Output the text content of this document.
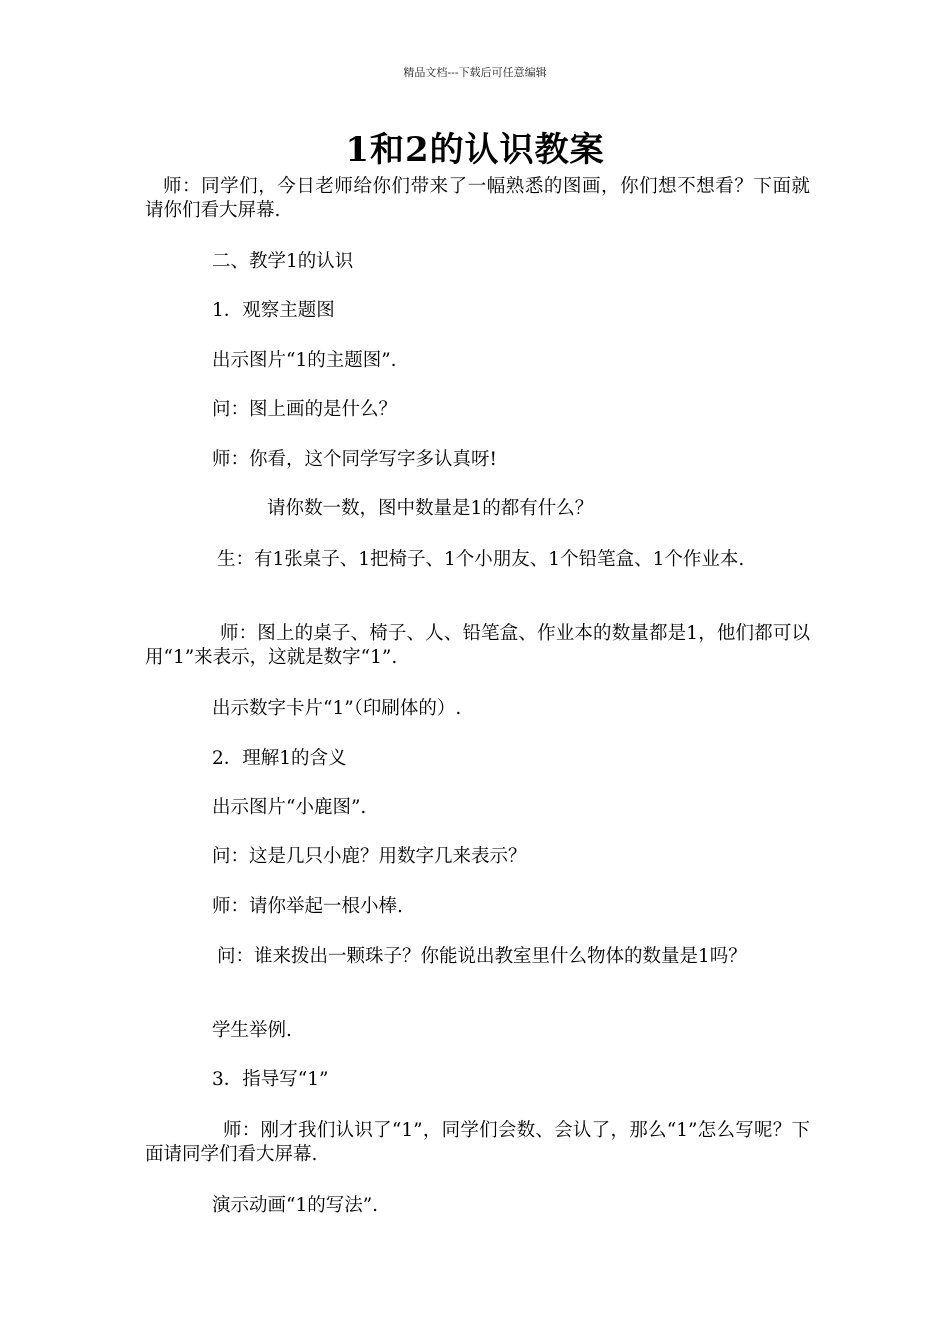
精品文档---下载后可任意编辑
1和2的认识教案

师：同学们，今日老师给你们带来了一幅熟悉的图画，你们想不想看？下面就请你们看大屏幕.

二、教学1的认识

1．观察主题图

出示图片“1的主题图”.

问：图上画的是什么？

师：你看，这个同学写字多认真呀!

请你数一数，图中数量是1的都有什么？

生：有1张桌子、1把椅子、1个小朋友、1个铅笔盒、1个作业本.

师：图上的桌子、椅子、人、铅笔盒、作业本的数量都是1，他们都可以用“1”来表示，这就是数字“1”.

出示数字卡片“1”（印刷体的）.

2．理解1的含义

出示图片“小鹿图”.

问：这是几只小鹿？用数字几来表示？

师：请你举起一根小棒.

问：谁来拨出一颗珠子？你能说出教室里什么物体的数量是1吗？

学生举例.

3．指导写“1”

师：刚才我们认识了“1”，同学们会数、会认了，那么“1”怎么写呢？下面请同学们看大屏幕.

演示动画“1的写法”.
